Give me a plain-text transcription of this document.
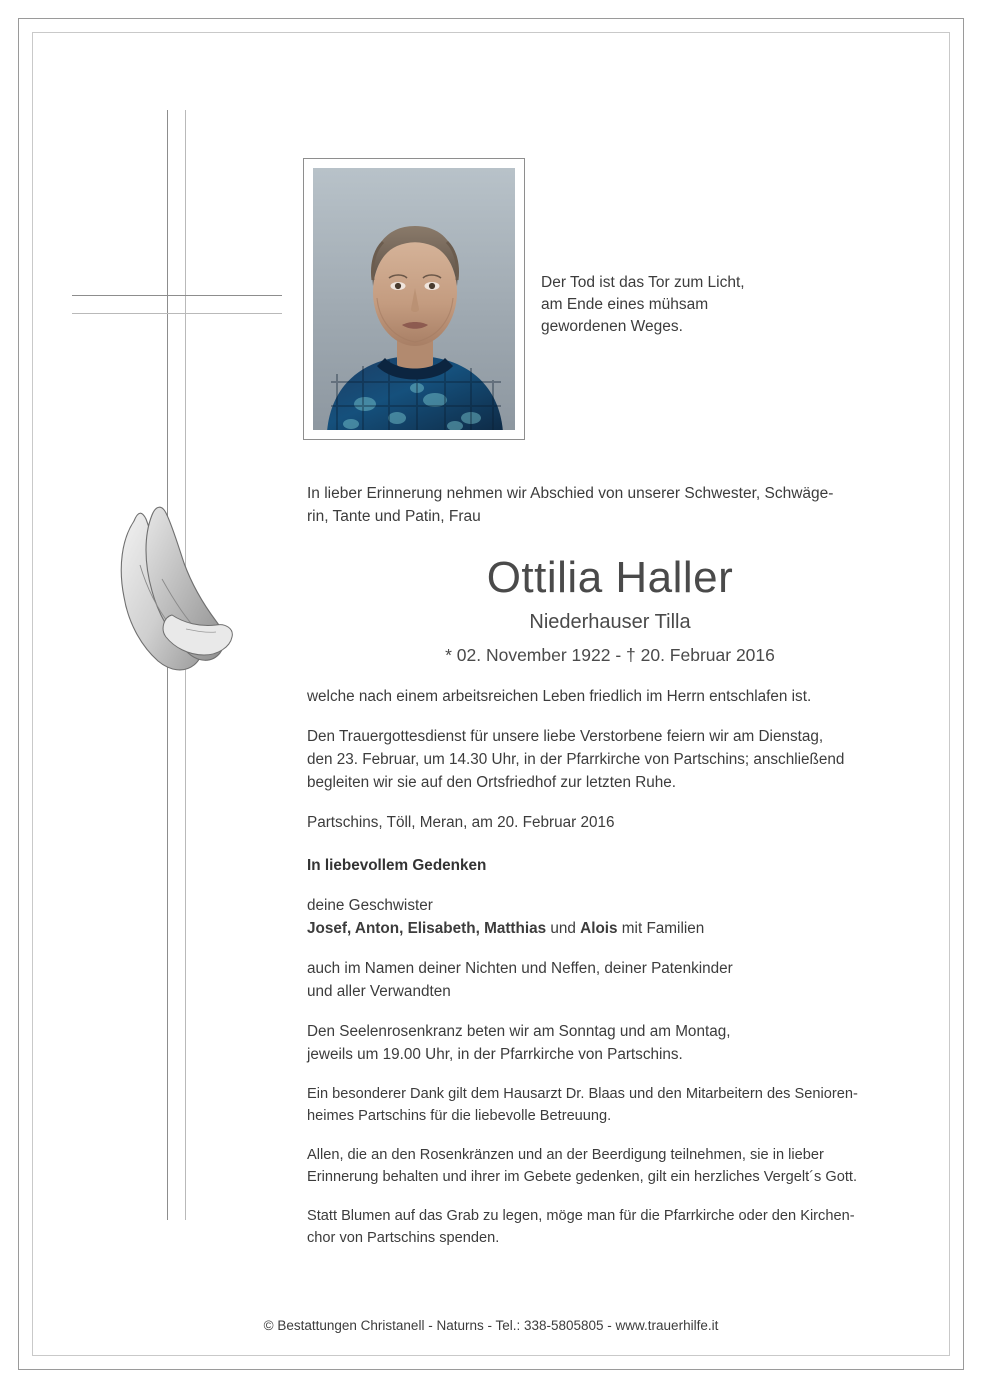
Der Tod ist das Tor zum Licht,
am Ende eines mühsam
gewordenen Weges.
In lieber Erinnerung nehmen wir Abschied von unserer Schwester, Schwäge-
rin, Tante und Patin, Frau
Ottilia Haller
Niederhauser Tilla
* 02. November 1922 - † 20. Februar 2016
welche nach einem arbeitsreichen Leben friedlich im Herrn entschlafen ist.
Den Trauergottesdienst für unsere liebe Verstorbene feiern wir am Dienstag,
den 23. Februar, um 14.30 Uhr, in der Pfarrkirche von Partschins; anschließend
begleiten wir sie auf den Ortsfriedhof zur letzten Ruhe.
Partschins, Töll, Meran, am 20. Februar 2016
In liebevollem Gedenken
deine Geschwister
Josef, Anton, Elisabeth, Matthias und Alois mit Familien
auch im Namen deiner Nichten und Neffen, deiner Patenkinder
und aller Verwandten
Den Seelenrosenkranz beten wir am Sonntag und am Montag,
jeweils um 19.00 Uhr, in der Pfarrkirche von Partschins.
Ein besonderer Dank gilt dem Hausarzt Dr. Blaas und den Mitarbeitern des Senioren-
heimes Partschins für die liebevolle Betreuung.
Allen, die an den Rosenkränzen und an der Beerdigung teilnehmen, sie in lieber
Erinnerung behalten und ihrer im Gebete gedenken, gilt ein herzliches Vergelt´s Gott.
Statt Blumen auf das Grab zu legen, möge man für die Pfarrkirche oder den Kirchen-
chor von Partschins spenden.
© Bestattungen Christanell - Naturns - Tel.: 338-5805805 - www.trauerhilfe.it
